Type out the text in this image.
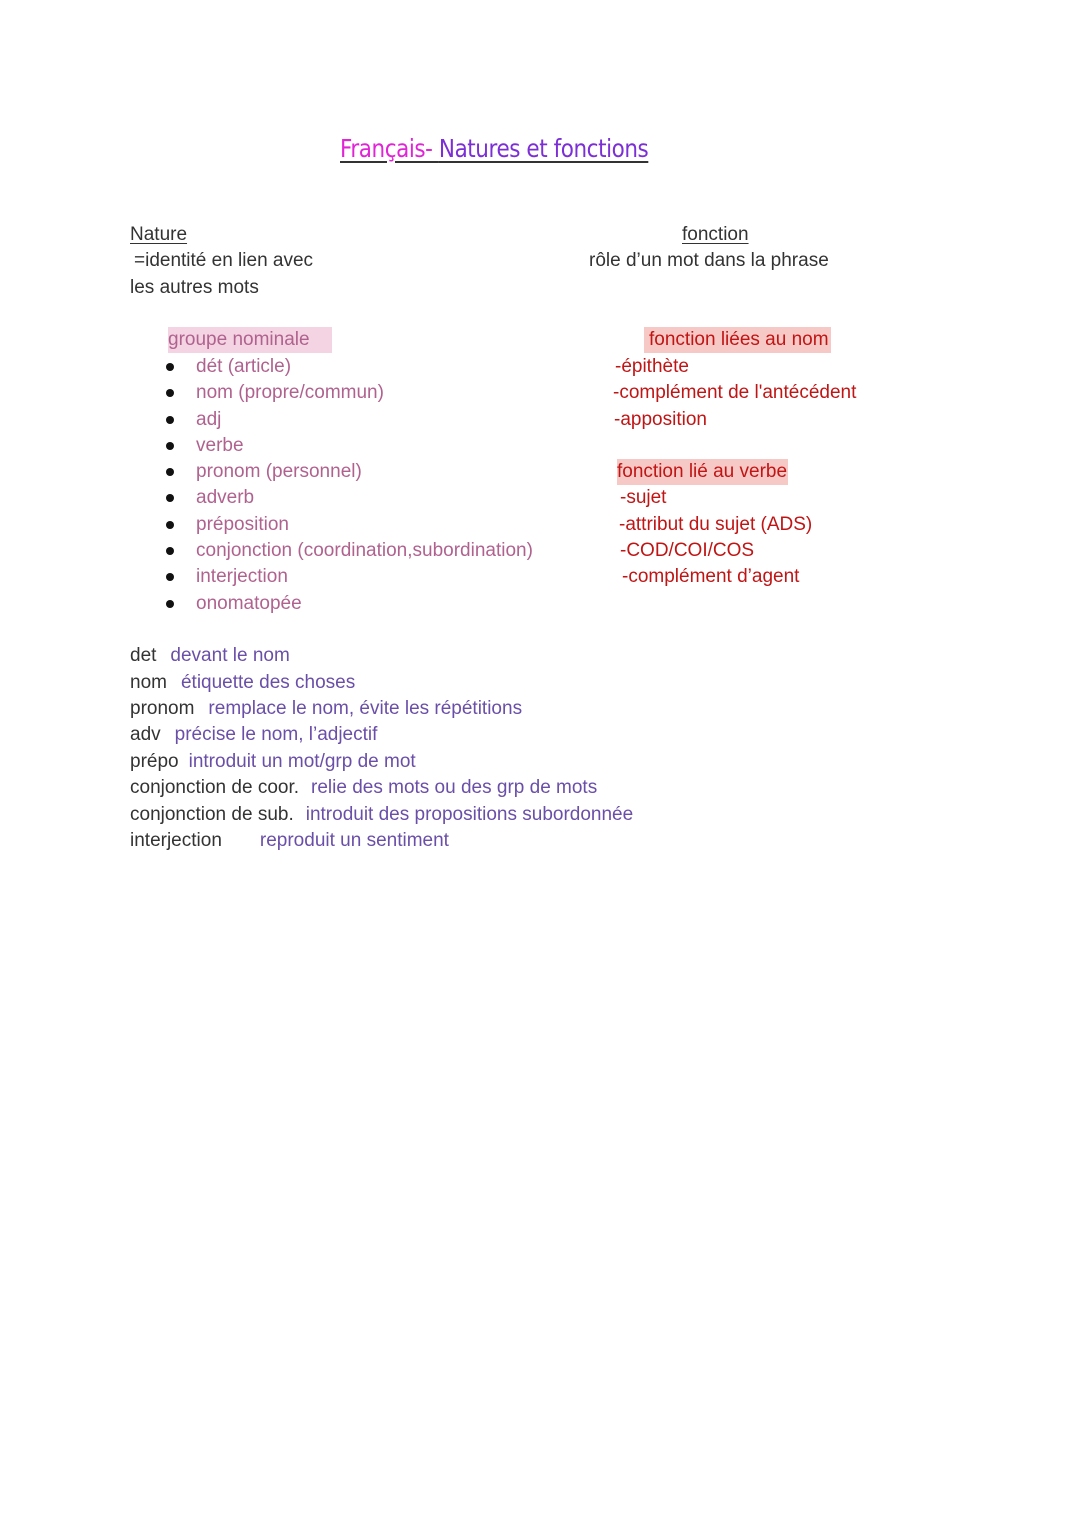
Français- Natures et fonctions
Nature
=identité en lien avec
les autres mots
fonction
rôle d’un mot dans la phrase
groupe nominale
dét (article)
nom (propre/commun)
adj
verbe
pronom (personnel)
adverb
préposition
conjonction (coordination,subordination)
interjection
onomatopée
fonction liées au nom
-épithète
-complément de l'antécédent
-apposition
fonction lié au verbe
-sujet
-attribut du sujet (ADS)
-COD/COI/COS
-complément d’agent
det devant le nom
nom étiquette des choses
pronom remplace le nom, évite les répétitions
adv précise le nom, l’adjectif
prépo introduit un mot/grp de mot
conjonction de coor. relie des mots ou des grp de mots
conjonction de sub. introduit des propositions subordonnée
interjection reproduit un sentiment
